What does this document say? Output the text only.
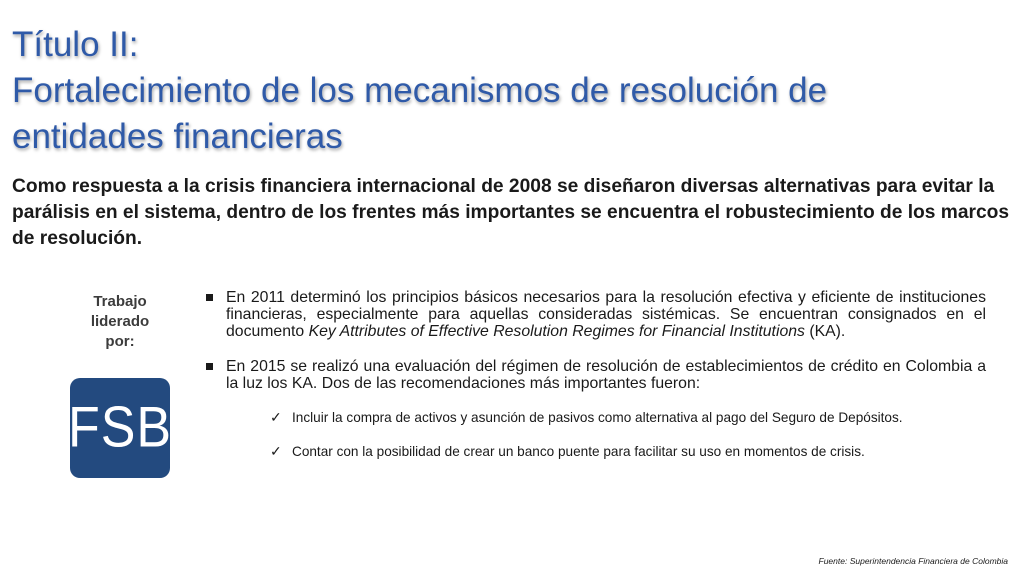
Título II:
Fortalecimiento de los mecanismos de resolución de
entidades financieras
Como respuesta a la crisis financiera internacional de 2008 se diseñaron diversas alternativas para evitar la parálisis en el sistema, dentro de los frentes más importantes se encuentra el robustecimiento de los marcos de resolución.
Trabajo
liderado
por:
FSB
En 2011 determinó los principios básicos necesarios para la resolución efectiva y eficiente de instituciones financieras, especialmente para aquellas consideradas sistémicas. Se encuentran consignados en el documento Key Attributes of Effective Resolution Regimes for Financial Institutions (KA).
En 2015 se realizó una evaluación del régimen de resolución de establecimientos de crédito en Colombia a la luz los KA. Dos de las recomendaciones más importantes fueron:
✓ Incluir la compra de activos y asunción de pasivos como alternativa al pago del Seguro de Depósitos.
✓ Contar con la posibilidad de crear un banco puente para facilitar su uso en momentos de crisis.
Fuente: Superintendencia Financiera de Colombia
